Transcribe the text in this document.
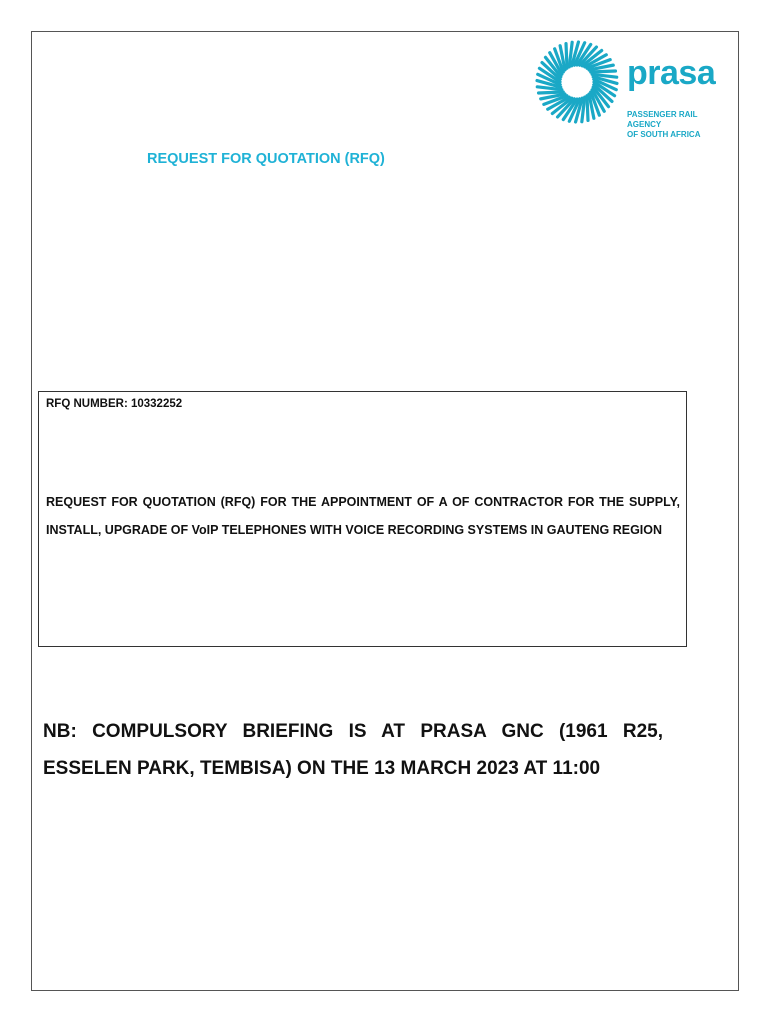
prasa
PASSENGER RAIL AGENCY
OF SOUTH AFRICA
REQUEST FOR QUOTATION (RFQ)
RFQ NUMBER: 10332252
REQUEST FOR QUOTATION (RFQ) FOR THE APPOINTMENT OF A OF CONTRACTOR FOR THE SUPPLY, INSTALL, UPGRADE OF VoIP TELEPHONES WITH VOICE RECORDING SYSTEMS IN GAUTENG REGION
NB: COMPULSORY BRIEFING IS AT PRASA GNC (1961 R25, ESSELEN PARK, TEMBISA) ON THE 13 MARCH 2023 AT 11:00
